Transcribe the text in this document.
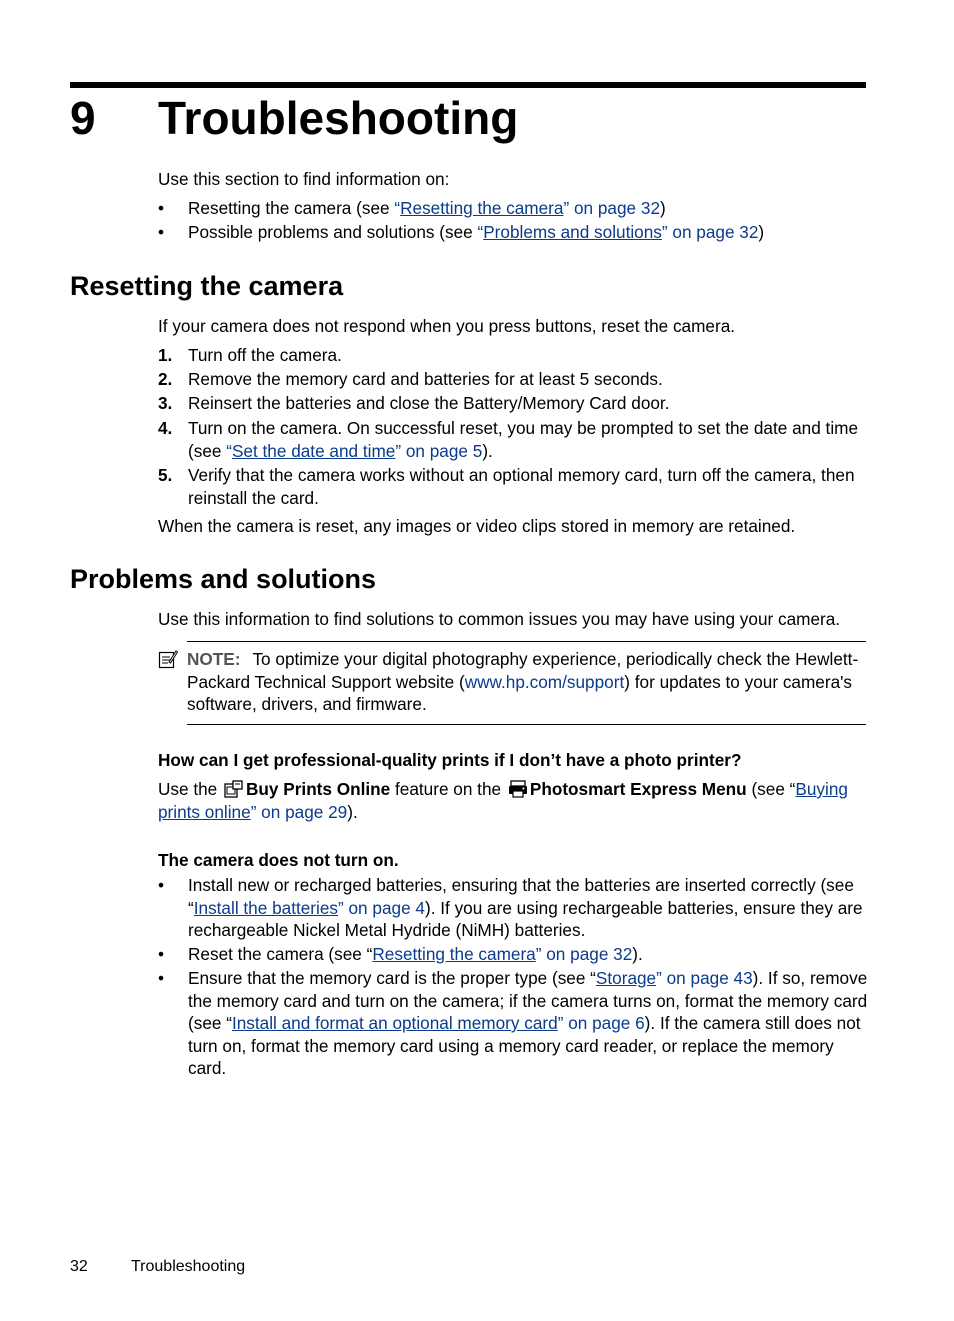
9 Troubleshooting
Use this section to find information on:
•	Resetting the camera (see “Resetting the camera” on page 32)
•	Possible problems and solutions (see “Problems and solutions” on page 32)
Resetting the camera
If your camera does not respond when you press buttons, reset the camera.
1. Turn off the camera.
2. Remove the memory card and batteries for at least 5 seconds.
3. Reinsert the batteries and close the Battery/Memory Card door.
4. Turn on the camera. On successful reset, you may be prompted to set the date and time (see “Set the date and time” on page 5).
5. Verify that the camera works without an optional memory card, turn off the camera, then reinstall the card.
When the camera is reset, any images or video clips stored in memory are retained.
Problems and solutions
Use this information to find solutions to common issues you may have using your camera.
NOTE: To optimize your digital photography experience, periodically check the Hewlett-Packard Technical Support website (www.hp.com/support) for updates to your camera's software, drivers, and firmware.
How can I get professional-quality prints if I don’t have a photo printer?
Use the Buy Prints Online feature on the Photosmart Express Menu (see “Buying prints online” on page 29).
The camera does not turn on.
•	Install new or recharged batteries, ensuring that the batteries are inserted correctly (see “Install the batteries” on page 4). If you are using rechargeable batteries, ensure they are rechargeable Nickel Metal Hydride (NiMH) batteries.
•	Reset the camera (see “Resetting the camera” on page 32).
•	Ensure that the memory card is the proper type (see “Storage” on page 43). If so, remove the memory card and turn on the camera; if the camera turns on, format the memory card (see “Install and format an optional memory card” on page 6). If the camera still does not turn on, format the memory card using a memory card reader, or replace the memory card.
32	Troubleshooting
